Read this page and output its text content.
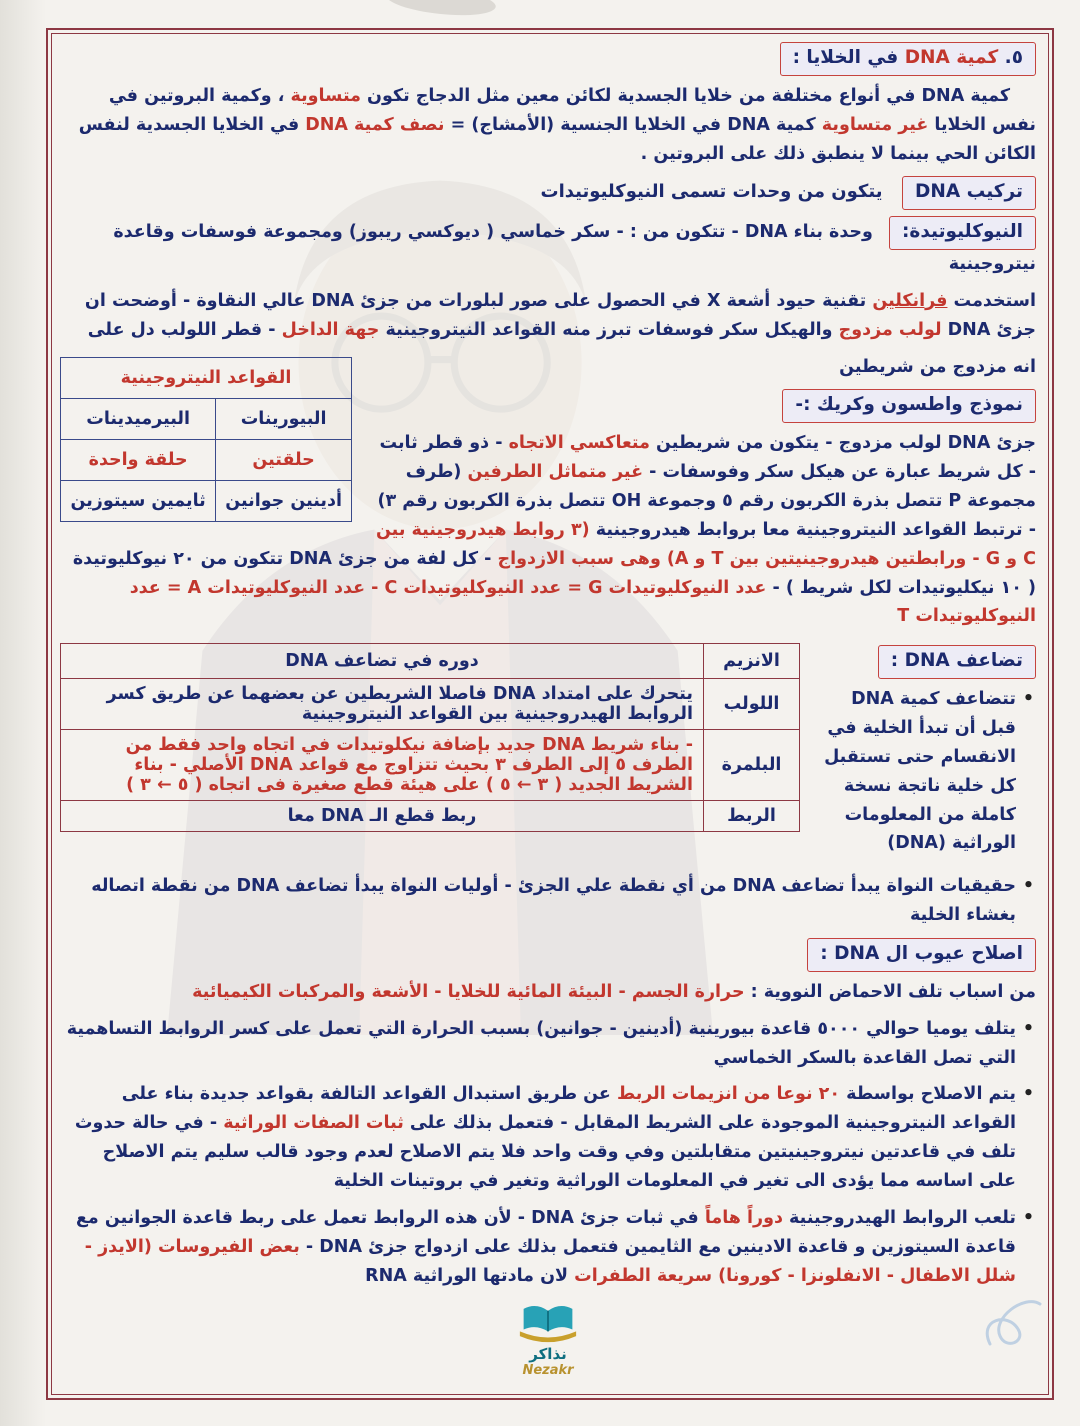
٥. كمية DNA في الخلايا :

كمية DNA في أنواع مختلفة من خلايا الجسدية لكائن معين مثل الدجاج تكون متساوية ، وكمية البروتين في نفس الخلايا غير متساوية كمية DNA في الخلايا الجنسية (الأمشاج) = نصف كمية DNA في الخلايا الجسدية لنفس الكائن الحي بينما لا ينطبق ذلك على البروتين .

تركيب DNA يتكون من وحدات تسمى النيوكليوتيدات

النيوكليوتيدة: وحدة بناء DNA - تتكون من : - سكر خماسي ( ديوكسي ريبوز) ومجموعة فوسفات وقاعدة نيتروجينية

استخدمت فرانكلين تقنية حيود أشعة X في الحصول على صور لبلورات من جزئ DNA عالي النقاوة - أوضحت ان جزئ DNA لولب مزدوج والهيكل سكر فوسفات تبرز منه القواعد النيتروجينية جهة الداخل - قطر اللولب دل على

القواعد النيتروجينية	
البيورينات	البيرميدينات
حلقتين	حلقة واحدة
أدينين جوانين	ثايمين سيتوزين

انه مزدوج من شريطين

نموذج واطسون وكريك :-

جزئ DNA لولب مزدوج - يتكون من شريطين متعاكسي الاتجاه - ذو قطر ثابت - كل شريط عبارة عن هيكل سكر وفوسفات - غير متماثل الطرفين (طرف مجموعة P تتصل بذرة الكربون رقم ٥ وجموعة OH تتصل بذرة الكربون رقم ٣) - ترتبط القواعد النيتروجينية معا بروابط هيدروجينية (٣ روابط هيدروجينية بين C و G - ورابطتين هيدروجينيتين بين T و A) وهى سبب الازدواج - كل لفة من جزئ DNA تتكون من ٢٠ نيوكليوتيدة ( ١٠ نيكليوتيدات لكل شريط ) - عدد النيوكليوتيدات G = عدد النيوكليوتيدات C - عدد النيوكليوتيدات A = عدد النيوكليوتيدات T

تضاعف DNA :

• تتضاعف كمية DNA قبل أن تبدأ الخلية في الانقسام حتى تستقبل كل خلية ناتجة نسخة كاملة من المعلومات الوراثية (DNA)

الانزيم	دوره في تضاعف DNA
اللولب	يتحرك على امتداد DNA فاصلا الشريطين عن بعضهما عن طريق كسر الروابط الهيدروجينية بين القواعد النيتروجينية
البلمرة	- بناء شريط DNA جديد بإضافة نيكلوتيدات في اتجاه واحد فقط من الطرف ٥ إلى الطرف ٣ بحيث تتزاوج مع قواعد DNA الأصلي - بناء الشريط الجديد ( ٣ ← ٥ ) على هيئة قطع صغيرة فى اتجاه ( ٥ ← ٣ )
الربط	ربط قطع الـ DNA معا

• حقيقيات النواة يبدأ تضاعف DNA من أي نقطة علي الجزئ - أوليات النواة يبدأ تضاعف DNA من نقطة اتصاله بغشاء الخلية

اصلاح عيوب ال DNA :

من اسباب تلف الاحماض النووية : حرارة الجسم - البيئة المائية للخلايا - الأشعة والمركبات الكيميائية

• يتلف يوميا حوالي ٥٠٠٠ قاعدة بيورينية (أدينين - جوانين) بسبب الحرارة التي تعمل على كسر الروابط التساهمية التي تصل القاعدة بالسكر الخماسي

• يتم الاصلاح بواسطة ٢٠ نوعا من انزيمات الربط عن طريق استبدال القواعد التالفة بقواعد جديدة بناء على القواعد النيتروجينية الموجودة على الشريط المقابل - فتعمل بذلك على ثبات الصفات الوراثية - في حالة حدوث تلف في قاعدتين نيتروجينيتين متقابلتين وفي وقت واحد فلا يتم الاصلاح لعدم وجود قالب سليم يتم الاصلاح على اساسه مما يؤدى الى تغير في المعلومات الوراثية وتغير في بروتينات الخلية

• تلعب الروابط الهيدروجينية دوراً هاماً في ثبات جزئ DNA - لأن هذه الروابط تعمل على ربط قاعدة الجوانين مع قاعدة السيتوزين و قاعدة الادينين مع الثايمين فتعمل بذلك على ازدواج جزئ DNA - بعض الفيروسات (الايدز - شلل الاطفال - الانفلونزا - كورونا) سريعة الطفرات لان مادتها الوراثية RNA

نذاكر
Nezakr
